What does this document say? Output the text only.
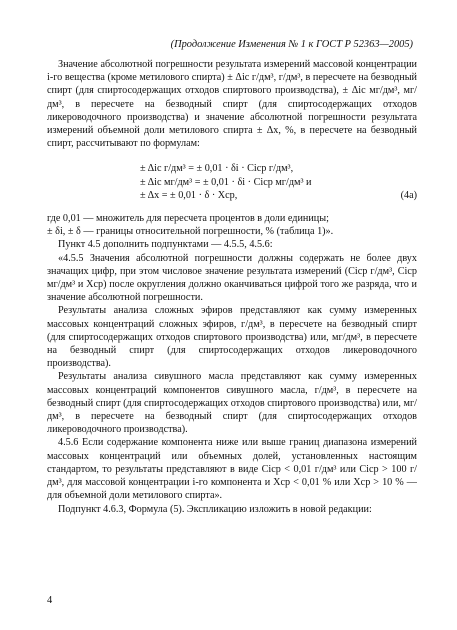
(Продолжение Изменения № 1 к ГОСТ Р 52363—2005)

Значение абсолютной погрешности результата измерений массовой концентрации i-го вещества (кроме метилового спирта) ± Δic г/дм³, г/дм³, в пересчете на безводный спирт (для спиртосодержащих отходов спиртового производства), ± Δic мг/дм³, мг/дм³, в пересчете на безводный спирт (для спиртосодержащих отходов ликероводочного производства) и значение абсолютной погрешности результата измерений объемной доли метилового спирта ± Δx, %, в пересчете на безводный спирт, рассчитывают по формулам:

± Δic г/дм³ = ± 0,01 · δi · Cicp г/дм³,

± Δic мг/дм³ = ± 0,01 · δi · Cicp мг/дм³ и

± Δx = ± 0,01 · δ · Xср,	(4а)

где 0,01 — множитель для пересчета процентов в доли единицы;

± δi, ± δ — границы относительной погрешности, % (таблица 1)».

Пункт 4.5 дополнить подпунктами — 4.5.5, 4.5.6:

«4.5.5 Значения абсолютной погрешности должны содержать не более двух значащих цифр, при этом числовое значение результата измерений (Cicp г/дм³, Cicp мг/дм³ и Xср) после округления должно оканчиваться цифрой того же разряда, что и значение абсолютной погрешности.

Результаты анализа сложных эфиров представляют как сумму измеренных массовых концентраций сложных эфиров, г/дм³, в пересчете на безводный спирт (для спиртосодержащих отходов спиртового производства) или, мг/дм³, в пересчете на безводный спирт (для спиртосодержащих отходов ликероводочного производства).

Результаты анализа сивушного масла представляют как сумму измеренных массовых концентраций компонентов сивушного масла, г/дм³, в пересчете на безводный спирт (для спиртосодержащих отходов спиртового производства) или, мг/дм³, в пересчете на безводный спирт (для спиртосодержащих отходов ликероводочного производства).

4.5.6 Если содержание компонента ниже или выше границ диапазона измерений массовых концентраций или объемных долей, установленных настоящим стандартом, то результаты представляют в виде Cicp < 0,01 г/дм³ или Cicp > 100 г/дм³, для массовой концентрации i-го компонента и Xср < 0,01 % или Xср > 10 % — для объемной доли метилового спирта».

Подпункт 4.6.3, Формула (5). Экспликацию изложить в новой редакции:

4
